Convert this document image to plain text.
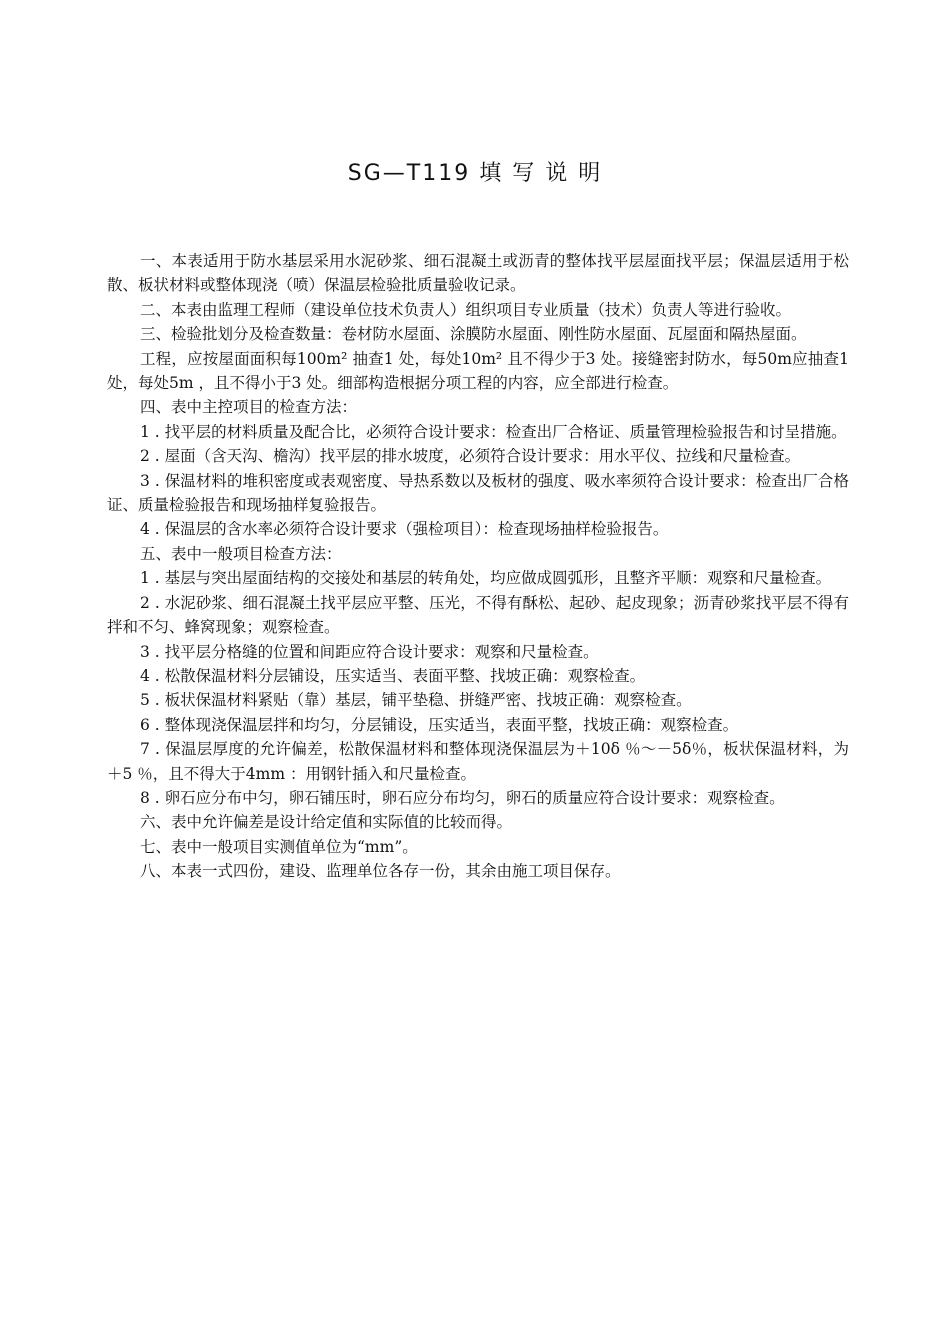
SG—T119 填 写 说 明

一、本表适用于防水基层采用水泥砂浆、细石混凝土或沥青的整体找平层屋面找平层；保温层适用于松散、板状材料或整体现浇（喷）保温层检验批质量验收记录。

二、本表由监理工程师（建设单位技术负责人）组织项目专业质量（技术）负责人等进行验收。

三、检验批划分及检查数量：卷材防水屋面、涂膜防水屋面、刚性防水屋面、瓦屋面和隔热屋面。

工程，应按屋面面积每100m² 抽查1 处，每处10m² 且不得少于3 处。接缝密封防水，每50m应抽查1 处，每处5m ，且不得小于3 处。细部构造根据分项工程的内容，应全部进行检查。

四、表中主控项目的检查方法：

1 . 找平层的材料质量及配合比，必须符合设计要求：检查出厂合格证、质量管理检验报告和讨呈措施。

2 . 屋面（含天沟、檐沟）找平层的排水坡度，必须符合设计要求：用水平仪、拉线和尺量检查。

3 . 保温材料的堆积密度或表观密度、导热系数以及板材的强度、吸水率须符合设计要求：检查出厂合格证、质量检验报告和现场抽样复验报告。

4 . 保温层的含水率必须符合设计要求（强检项目）：检查现场抽样检验报告。

五、表中一般项目检查方法：

1 . 基层与突出屋面结构的交接处和基层的转角处，均应做成圆弧形，且整齐平顺：观察和尺量检查。

2 . 水泥砂浆、细石混凝土找平层应平整、压光，不得有酥松、起砂、起皮现象；沥青砂浆找平层不得有拌和不匀、蜂窝现象；观察检查。

3 . 找平层分格缝的位置和间距应符合设计要求：观察和尺量检查。

4 . 松散保温材料分层铺设，压实适当、表面平整、找坡正确：观察检查。

5 . 板状保温材料紧贴（靠）基层，铺平垫稳、拼缝严密、找坡正确：观察检查。

6 . 整体现浇保温层拌和均匀，分层铺设，压实适当，表面平整，找坡正确：观察检查。

7 . 保温层厚度的允许偏差，松散保温材料和整体现浇保温层为＋10δ ％～－5δ％，板状保温材料，为＋5 ％，且不得大于4mm ：用钢针插入和尺量检查。

8 . 卵石应分布中匀，卵石铺压时，卵石应分布均匀，卵石的质量应符合设计要求：观察检查。

六、表中允许偏差是设计给定值和实际值的比较而得。

七、表中一般项目实测值单位为“mm”。

八、本表一式四份，建设、监理单位各存一份，其余由施工项目保存。
